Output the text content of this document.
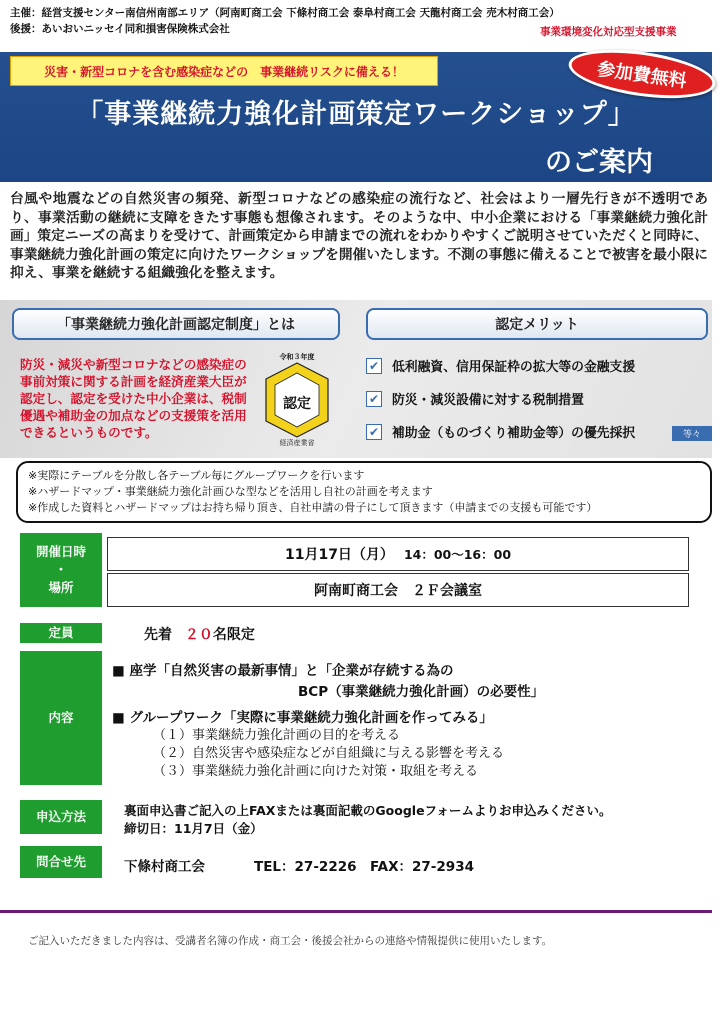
主催：経営支援センター南信州南部エリア（阿南町商工会 下條村商工会 泰阜村商工会 天龍村商工会 売木村商工会）
後援：あいおいニッセイ同和損害保険株式会社	事業環境変化対応型支援事業
災害・新型コロナを含む感染症などの　事業継続リスクに備える！
「事業継続力強化計画策定ワークショップ」
のご案内
参加費無料
台風や地震などの自然災害の頻発、新型コロナなどの感染症の流行など、社会はより一層先行きが不透明であり、事業活動の継続に支障をきたす事態も想像されます。そのような中、中小企業における「事業継続力強化計画」策定ニーズの高まりを受けて、計画策定から申請までの流れをわかりやすくご説明させていただくと同時に、事業継続力強化計画の策定に向けたワークショップを開催いたします。不測の事態に備えることで被害を最小限に抑え、事業を継続する組織強化を整えます。
「事業継続力強化計画認定制度」とは	認定メリット
防災・減災や新型コロナなどの感染症の事前対策に関する計画を経済産業大臣が認定し、認定を受けた中小企業は、税制優遇や補助金の加点などの支援策を活用できるというものです。
令和３年度
認定
経済産業省
✔ 低利融資、信用保証枠の拡大等の金融支援
✔ 防災・減災設備に対する税制措置
✔ 補助金（ものづくり補助金等）の優先採択	等々
※実際にテーブルを分散し各テーブル毎にグループワークを行います
※ハザードマップ・事業継続力強化計画ひな型などを活用し自社の計画を考えます
※作成した資料とハザードマップはお持ち帰り頂き、自社申請の骨子にして頂きます（申請までの支援も可能です）
開催日時
・
場所
11月17日（月） 14：00～16：00
阿南町商工会　２Ｆ会議室
定員	先着 ２０名限定
内容
■ 座学「自然災害の最新事情」と「企業が存続する為の
BCP（事業継続力強化計画）の必要性」
■ グループワーク「実際に事業継続力強化計画を作ってみる」
（１）事業継続力強化計画の目的を考える
（２）自然災害や感染症などが自組織に与える影響を考える
（３）事業継続力強化計画に向けた対策・取組を考える
申込方法	裏面申込書ご記入の上FAXまたは裏面記載のGoogleフォームよりお申込みください。
締切日：11月7日（金）
問合せ先	下條村商工会	TEL：27-2226　FAX：27-2934
ご記入いただきました内容は、受講者名簿の作成・商工会・後援会社からの連絡や情報提供に使用いたします。
